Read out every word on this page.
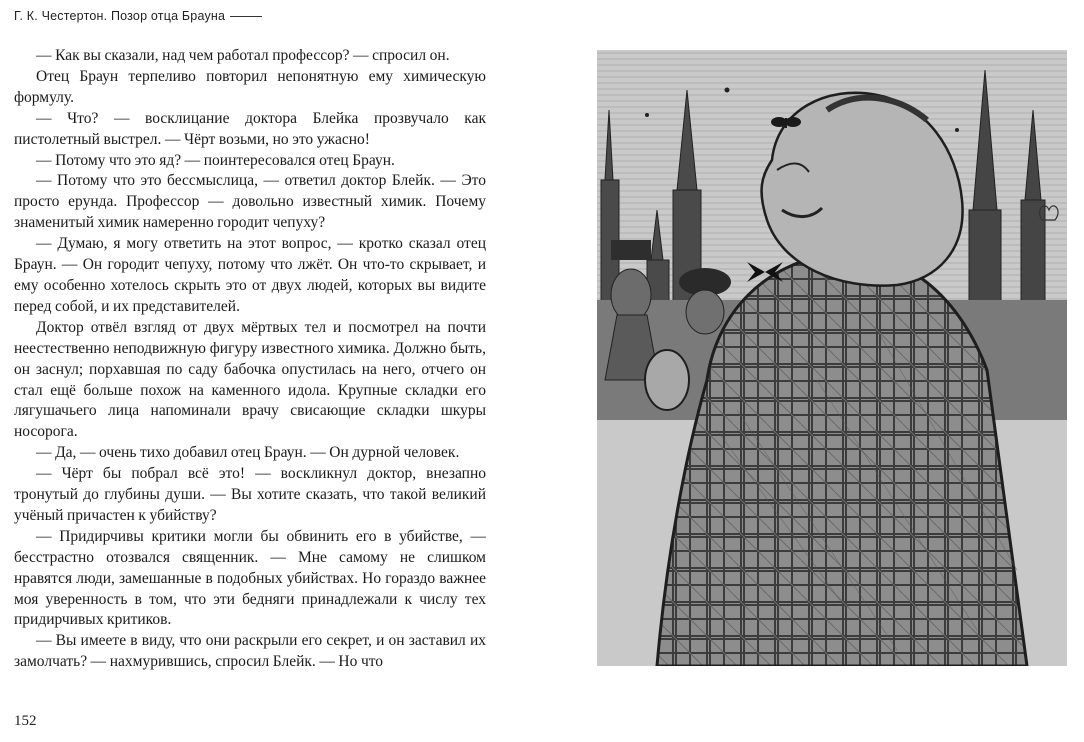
Г. К. Честертон. Позор отца Брауна

— Как вы сказали, над чем работал профессор? — спросил он.

Отец Браун терпеливо повторил непонятную ему химическую формулу.

— Что? — восклицание доктора Блейка прозвучало как пистолетный выстрел. — Чёрт возьми, но это ужасно!

— Потому что это яд? — поинтересовался отец Браун.

— Потому что это бессмыслица, — ответил доктор Блейк. — Это просто ерунда. Профессор — довольно известный химик. Почему знаменитый химик намеренно городит чепуху?

— Думаю, я могу ответить на этот вопрос, — кротко сказал отец Браун. — Он городит чепуху, потому что лжёт. Он что-то скрывает, и ему особенно хотелось скрыть это от двух людей, которых вы видите перед собой, и их представителей.

Доктор отвёл взгляд от двух мёртвых тел и посмотрел на почти неестественно неподвижную фигуру известного химика. Должно быть, он заснул; порхавшая по саду бабочка опустилась на него, отчего он стал ещё больше похож на каменного идола. Крупные складки его лягушачьего лица напоминали врачу свисающие складки шкуры носорога.

— Да, — очень тихо добавил отец Браун. — Он дурной человек.

— Чёрт бы побрал всё это! — воскликнул доктор, внезапно тронутый до глубины души. — Вы хотите сказать, что такой великий учёный причастен к убийству?

— Придирчивы критики могли бы обвинить его в убийстве, — бесстрастно отозвался священник. — Мне самому не слишком нравятся люди, замешанные в подобных убийствах. Но гораздо важнее моя уверенность в том, что эти бедняги принадлежали к числу тех придирчивых критиков.

— Вы имеете в виду, что они раскрыли его секрет, и он заставил их замолчать? — нахмурившись, спросил Блейк. — Но что

152
